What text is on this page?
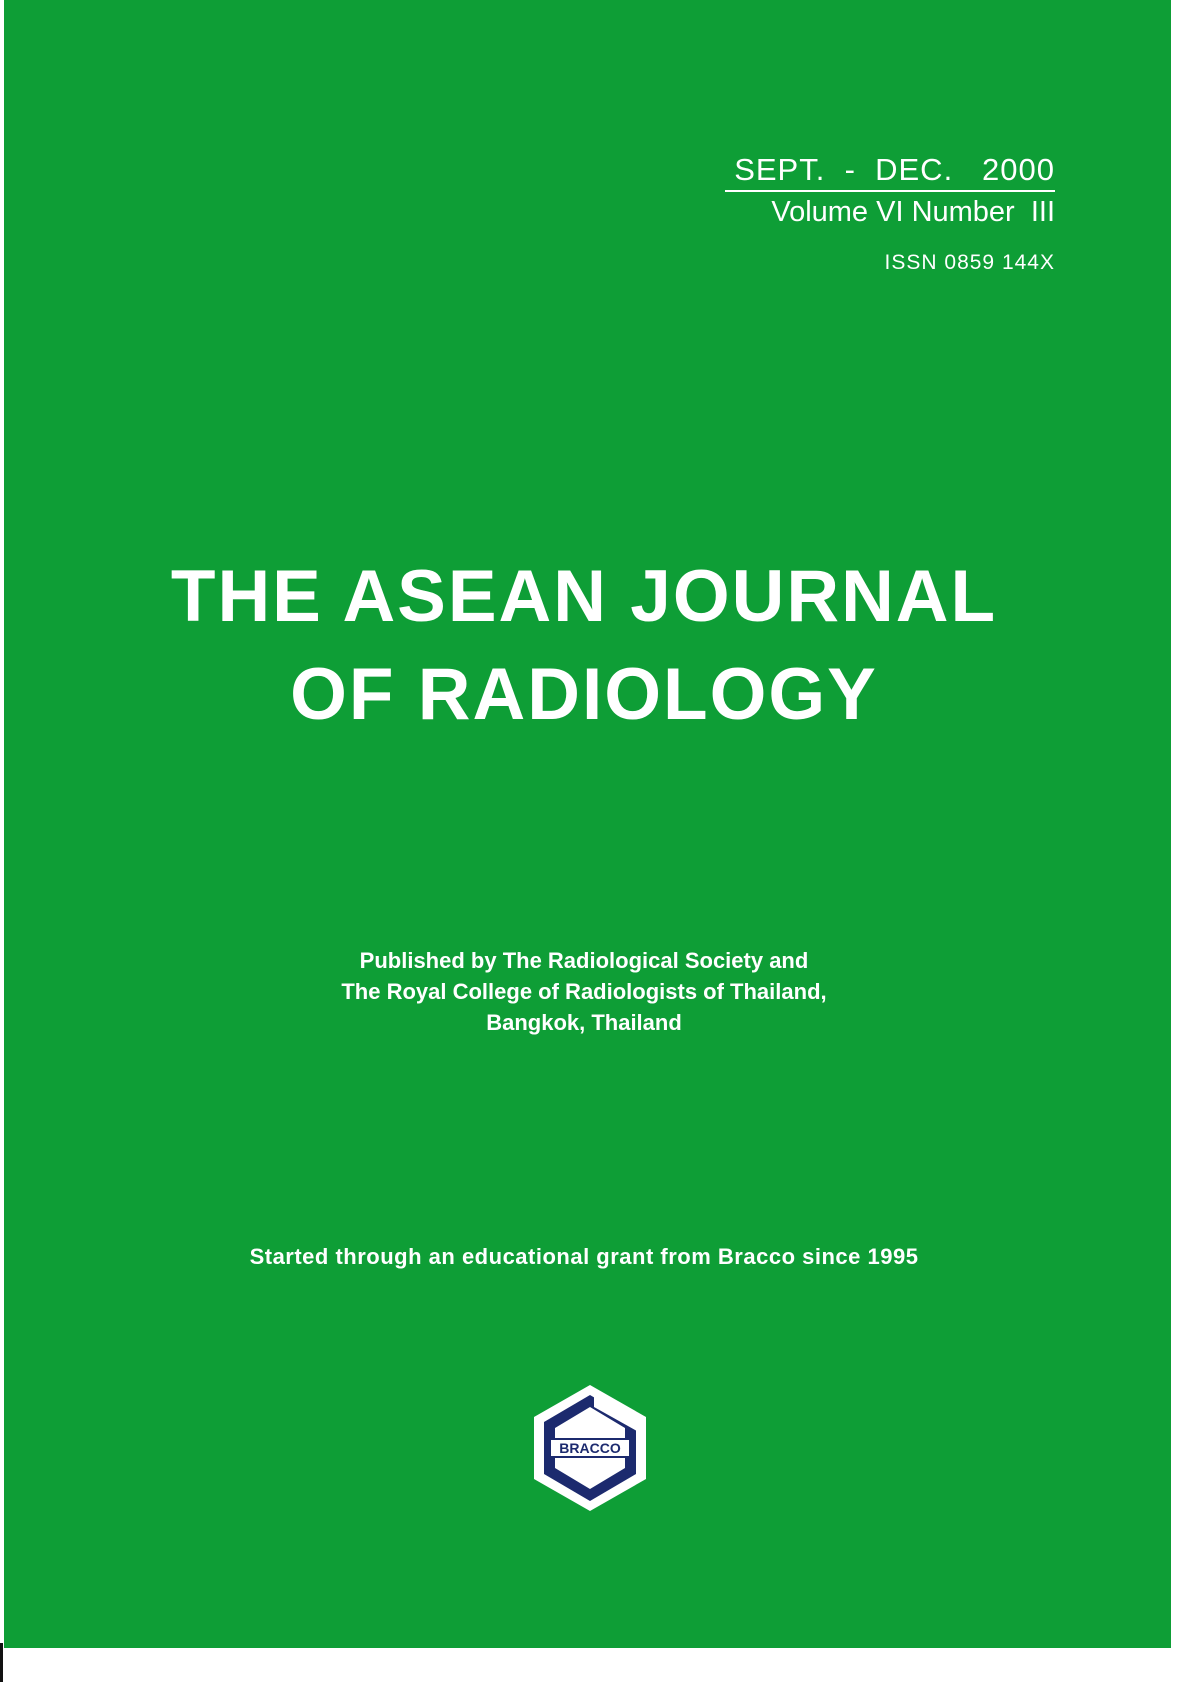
SEPT.  -  DEC.   2000
Volume VI Number  III
ISSN 0859 144X
THE ASEAN JOURNAL
OF RADIOLOGY
Published by The Radiological Society and
The Royal College of Radiologists of Thailand,
Bangkok, Thailand
Started through an educational grant from Bracco since 1995
BRACCO
